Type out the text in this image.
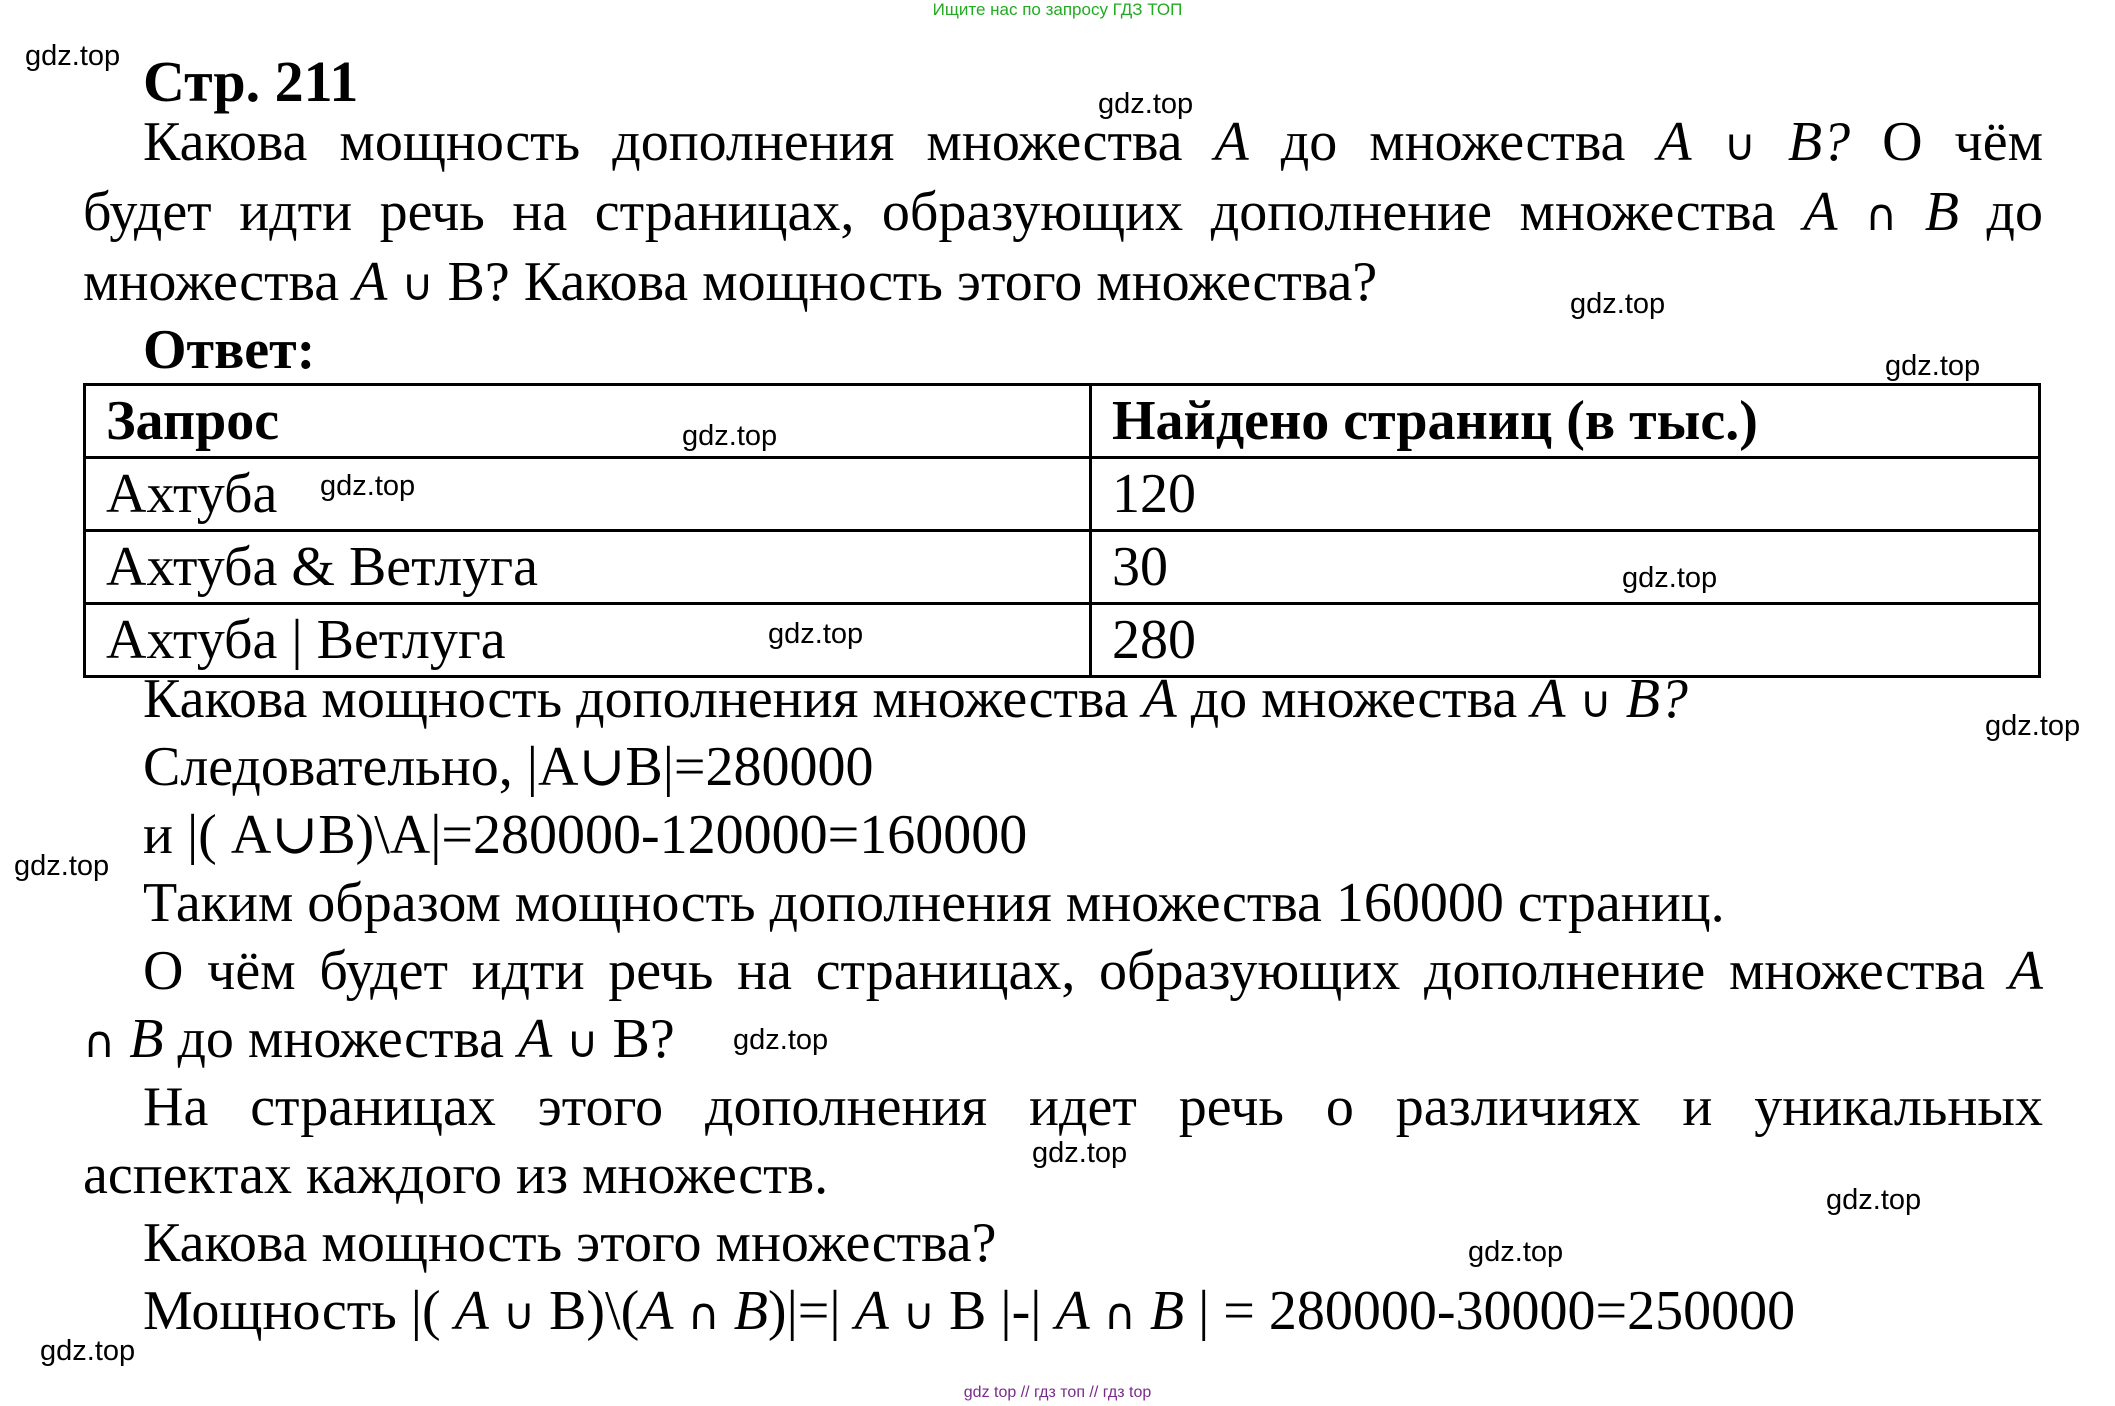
Ищите нас по запросу ГДЗ ТОП
Стр. 211
Какова мощность дополнения множества A до множества A ∪ B? О чём
будет идти речь на страницах, образующих дополнение множества A ∩ B до
множества A ∪ B? Какова мощность этого множества?
Ответ:
Запрос	Найдено страниц (в тыс.)
Ахтуба	120
Ахтуба & Ветлуга	30
Ахтуба | Ветлуга	280
Какова мощность дополнения множества A до множества A ∪ B?
Следовательно, |A∪B|=280000
и |( A∪B)\A|=280000-120000=160000
Таким образом мощность дополнения множества 160000 страниц.
О чём будет идти речь на страницах, образующих дополнение множества A
∩ B до множества A ∪ B?
На страницах этого дополнения идет речь о различиях и уникальных
аспектах каждого из множеств.
Какова мощность этого множества?
Мощность |( A ∪ B)\(A ∩ B)|=| A ∪ B |-| A ∩ B | = 280000-30000=250000
gdz.top
gdz.top
gdz.top
gdz.top
gdz.top
gdz.top
gdz.top
gdz.top
gdz.top
gdz.top
gdz.top
gdz.top
gdz.top
gdz.top
gdz.top
gdz top // гдз топ // гдз top
